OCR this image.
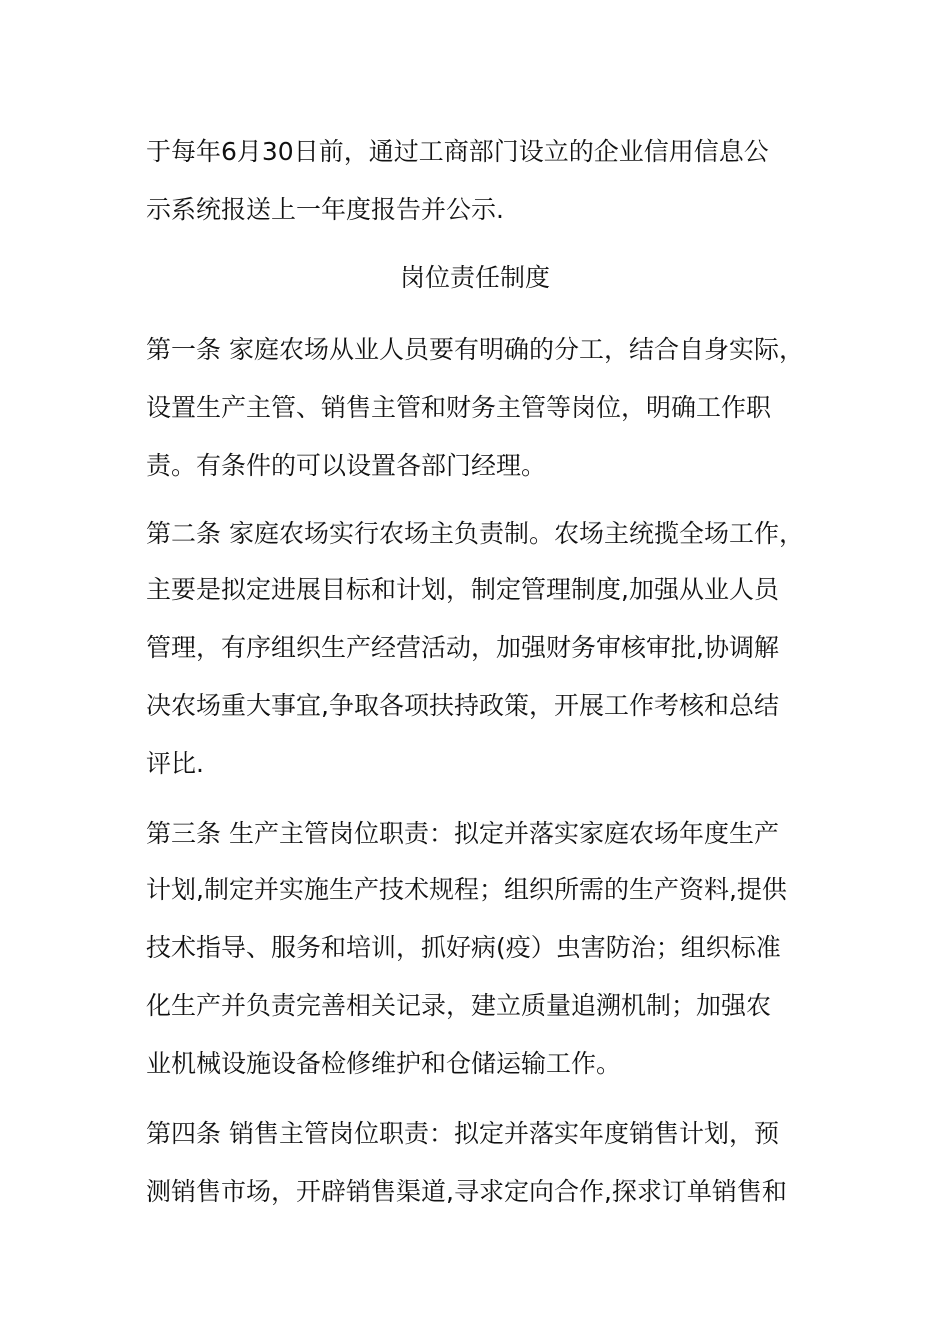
于每年6月30日前，通过工商部门设立的企业信用信息公
示系统报送上一年度报告并公示.
岗位责任制度
第一条 家庭农场从业人员要有明确的分工，结合自身实际，
设置生产主管、销售主管和财务主管等岗位，明确工作职
责。有条件的可以设置各部门经理。
第二条 家庭农场实行农场主负责制。农场主统揽全场工作，
主要是拟定进展目标和计划，制定管理制度,加强从业人员
管理，有序组织生产经营活动，加强财务审核审批,协调解
决农场重大事宜,争取各项扶持政策，开展工作考核和总结
评比.
第三条 生产主管岗位职责：拟定并落实家庭农场年度生产
计划,制定并实施生产技术规程；组织所需的生产资料,提供
技术指导、服务和培训，抓好病(疫）虫害防治；组织标准
化生产并负责完善相关记录，建立质量追溯机制；加强农
业机械设施设备检修维护和仓储运输工作。
第四条 销售主管岗位职责：拟定并落实年度销售计划，预
测销售市场，开辟销售渠道,寻求定向合作,探求订单销售和
